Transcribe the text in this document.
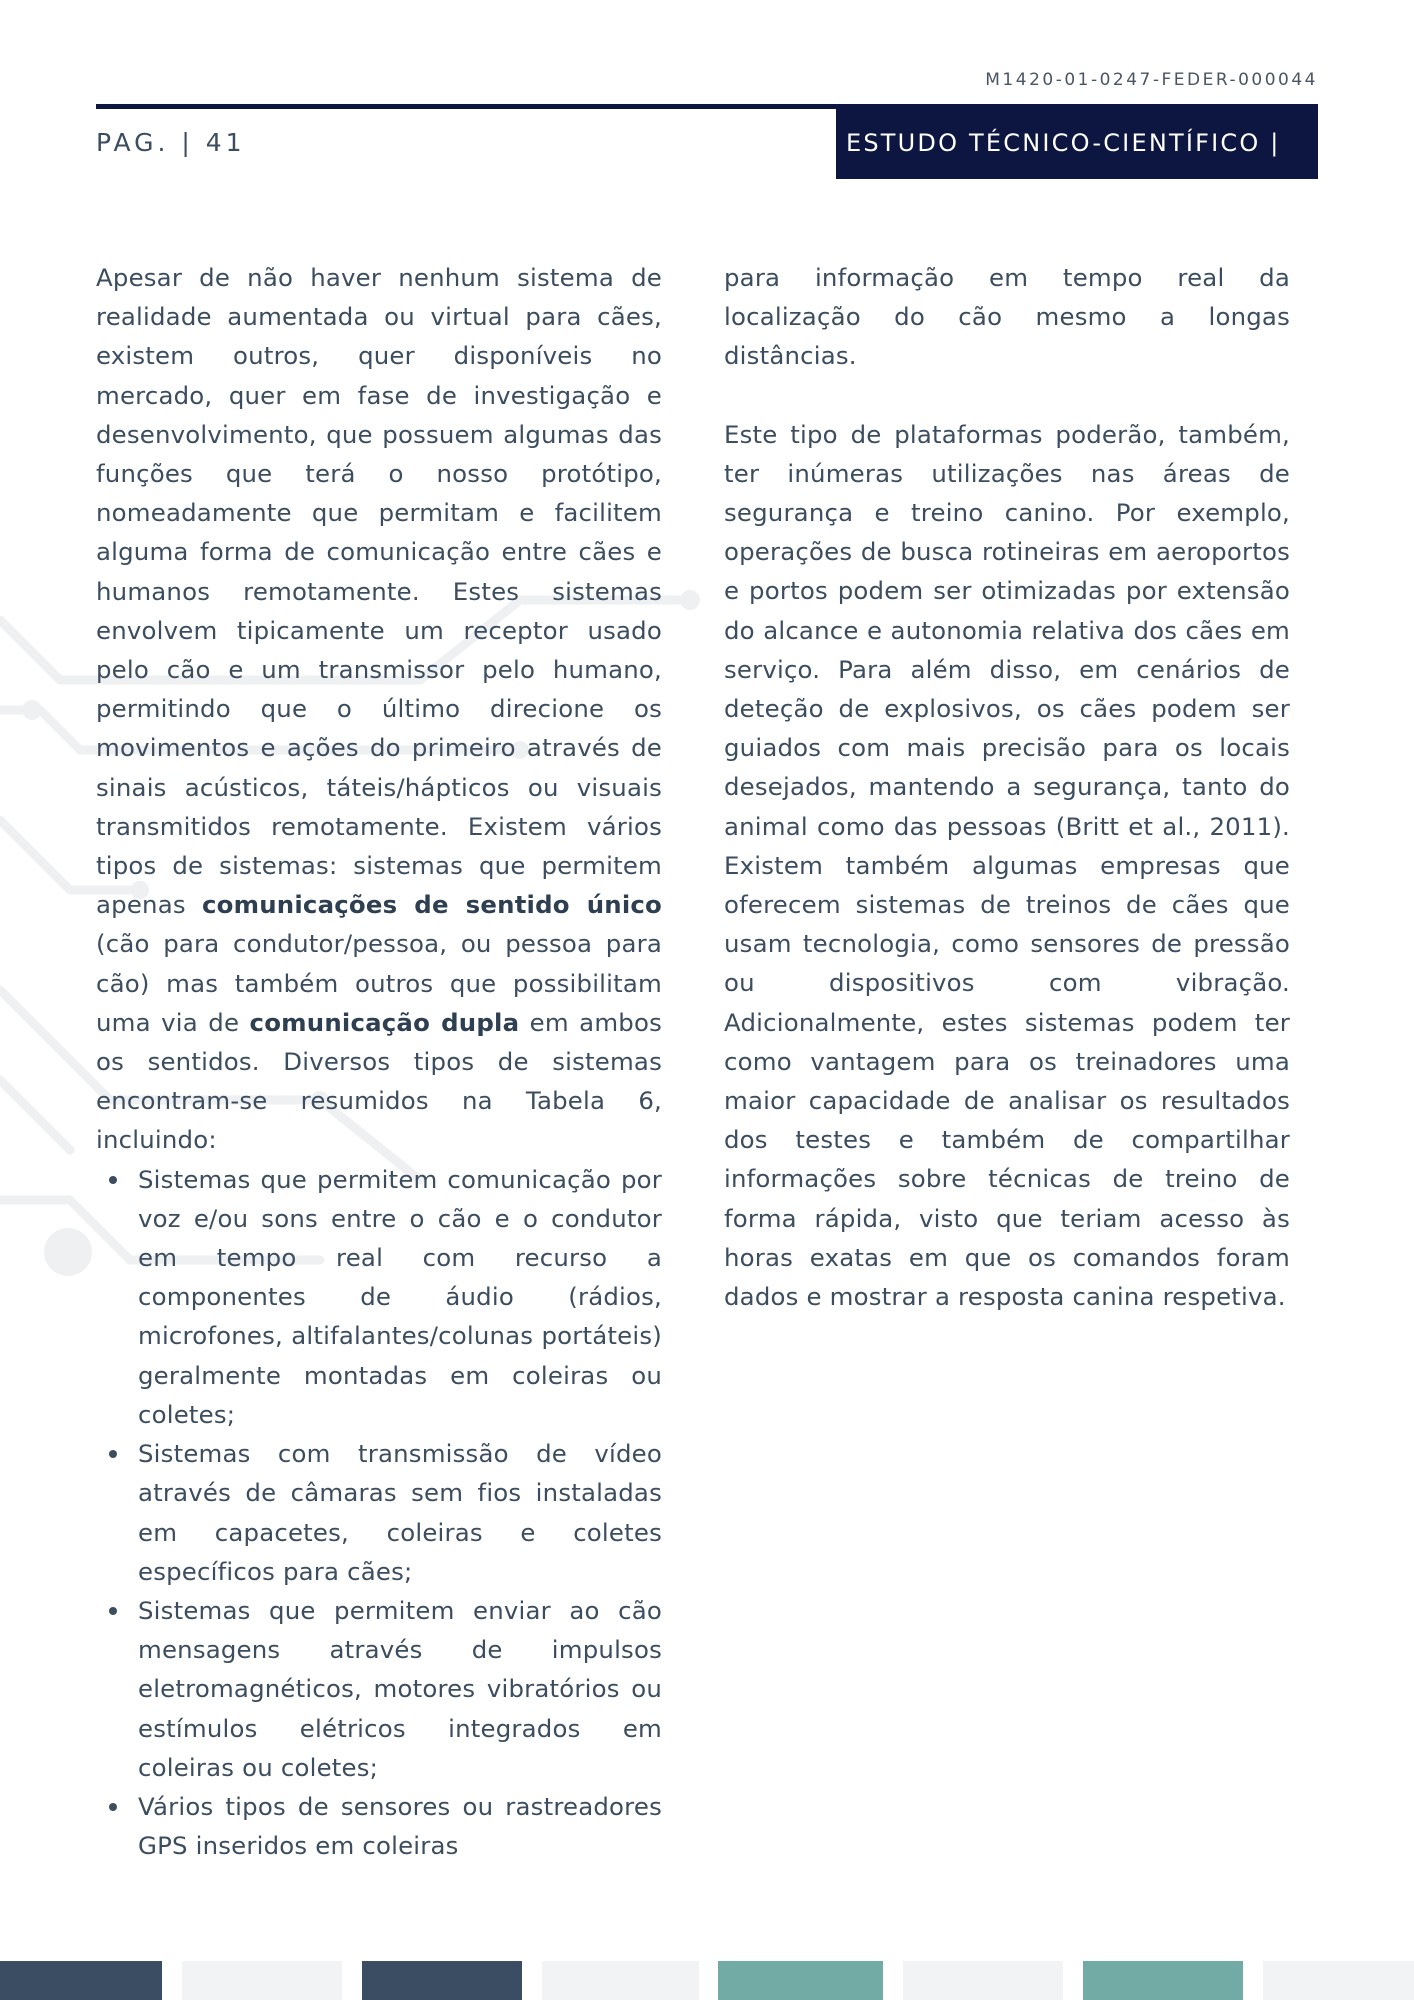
M1420-01-0247-FEDER-000044
PAG. | 41	ESTUDO TÉCNICO-CIENTÍFICO |

Apesar de não haver nenhum sistema de realidade aumentada ou virtual para cães, existem outros, quer disponíveis no mercado, quer em fase de investigação e desenvolvimento, que possuem algumas das funções que terá o nosso protótipo, nomeadamente que permitam e facilitem alguma forma de comunicação entre cães e humanos remotamente. Estes sistemas envolvem tipicamente um receptor usado pelo cão e um transmissor pelo humano, permitindo que o último direcione os movimentos e ações do primeiro através de sinais acústicos, táteis/hápticos ou visuais transmitidos remotamente. Existem vários tipos de sistemas: sistemas que permitem apenas comunicações de sentido único (cão para condutor/pessoa, ou pessoa para cão) mas também outros que possibilitam uma via de comunicação dupla em ambos os sentidos. Diversos tipos de sistemas encontram-se resumidos na Tabela 6, incluindo:

Sistemas que permitem comunicação por voz e/ou sons entre o cão e o condutor em tempo real com recurso a componentes de áudio (rádios, microfones, altifalantes/colunas portáteis) geralmente montadas em coleiras ou coletes;
Sistemas com transmissão de vídeo através de câmaras sem fios instaladas em capacetes, coleiras e coletes específicos para cães;
Sistemas que permitem enviar ao cão mensagens através de impulsos eletromagnéticos, motores vibratórios ou estímulos elétricos integrados em coleiras ou coletes;
Vários tipos de sensores ou rastreadores GPS inseridos em coleiras

para informação em tempo real da localização do cão mesmo a longas distâncias.

Este tipo de plataformas poderão, também, ter inúmeras utilizações nas áreas de segurança e treino canino. Por exemplo, operações de busca rotineiras em aeroportos e portos podem ser otimizadas por extensão do alcance e autonomia relativa dos cães em serviço. Para além disso, em cenários de deteção de explosivos, os cães podem ser guiados com mais precisão para os locais desejados, mantendo a segurança, tanto do animal como das pessoas (Britt et al., 2011). Existem também algumas empresas que oferecem sistemas de treinos de cães que usam tecnologia, como sensores de pressão ou dispositivos com vibração. Adicionalmente, estes sistemas podem ter como vantagem para os treinadores uma maior capacidade de analisar os resultados dos testes e também de compartilhar informações sobre técnicas de treino de forma rápida, visto que teriam acesso às horas exatas em que os comandos foram dados e mostrar a resposta canina respetiva.
